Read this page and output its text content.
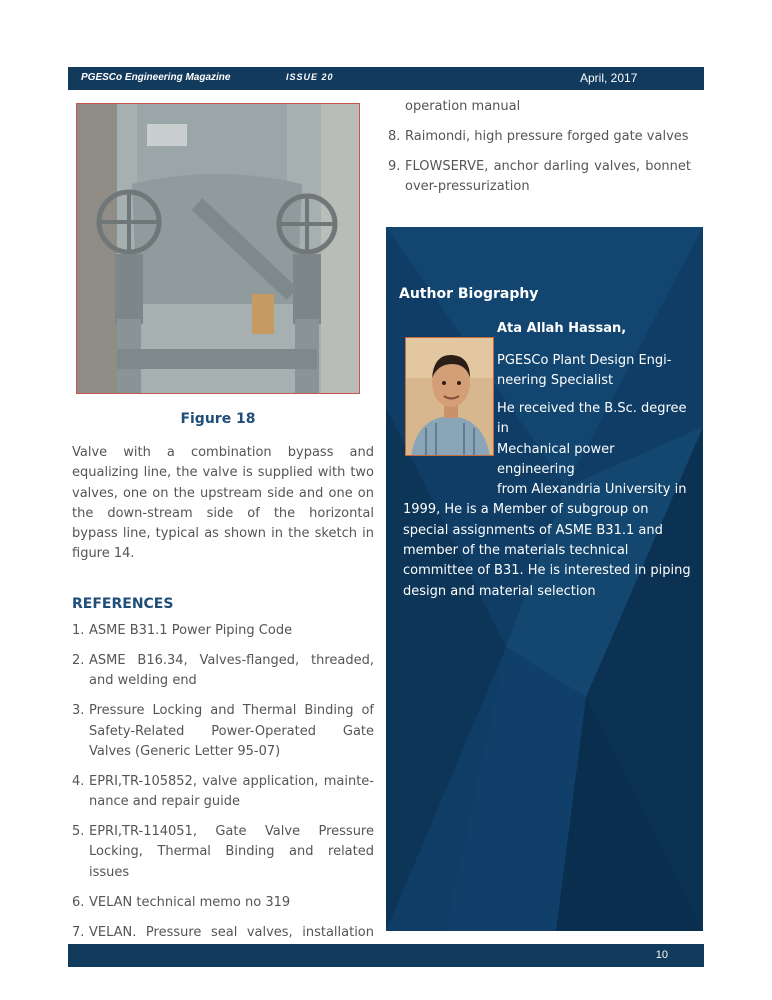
PGESCo Engineering Magazine	ISSUE 20	April, 2017
Figure 18

Valve with a combination bypass and equalizing line, the valve is supplied with two valves, one on the upstream side and one on the down-stream side of the horizontal bypass line, typical as shown in the sketch in figure 14.

REFERENCES
1. ASME B31.1 Power Piping Code
2. ASME B16.34, Valves-flanged, threaded, and welding end
3. Pressure Locking and Thermal Binding of Safety-Related Power-Operated Gate Valves (Generic Letter 95-07)
4. EPRI,TR-105852, valve application, mainte-nance and repair guide
5. EPRI,TR-114051, Gate Valve Pressure Locking, Thermal Binding and related issues
6. VELAN technical memo no 319
7. VELAN. Pressure seal valves, installation
operation manual
8. Raimondi, high pressure forged gate valves
9. FLOWSERVE, anchor darling valves, bonnet over-pressurization
Author Biography
Ata Allah Hassan,
PGESCo Plant Design Engi-neering Specialist
He received the B.Sc. degree in
Mechanical power engineering
from Alexandria University in
1999, He is a Member of subgroup on special assignments of ASME B31.1 and member of the materials technical committee of B31. He is interested in piping design and material selection
10
